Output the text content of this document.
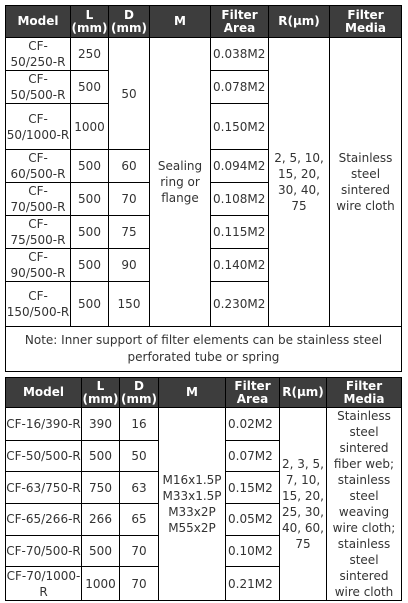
Model	L (mm)	D (mm)	M	Filter Area	R(μm)	Filter Media
CF-50/250-R	250	50	Sealing ring or flange	0.038M2	2, 5, 10, 15, 20, 30, 40, 75	Stainless steel sintered wire cloth
CF-50/500-R	500			0.078M2		
CF-50/1000-R	1000			0.150M2		
CF-60/500-R	500	60		0.094M2		
CF-70/500-R	500	70		0.108M2		
CF-75/500-R	500	75		0.115M2		
CF-90/500-R	500	90		0.140M2		
CF-150/500-R	500	150		0.230M2		
Note: Inner support of filter elements can be stainless steel perforated tube or spring						
Model	L (mm)	D (mm)	M	Filter Area	R(μm)	Filter Media
CF-16/390-R	390	16	M16x1.5P M33x1.5P M33x2P M55x2P	0.02M2	2, 3, 5, 7, 10, 15, 20, 25, 30, 40, 60, 75	Stainless steel sintered fiber web; stainless steel weaving wire cloth; stainless steel sintered wire cloth
CF-50/500-R	500	50		0.07M2		
CF-63/750-R	750	63		0.15M2		
CF-65/266-R	266	65		0.05M2		
CF-70/500-R	500	70		0.10M2		
CF-70/1000-R	1000	70		0.21M2		
